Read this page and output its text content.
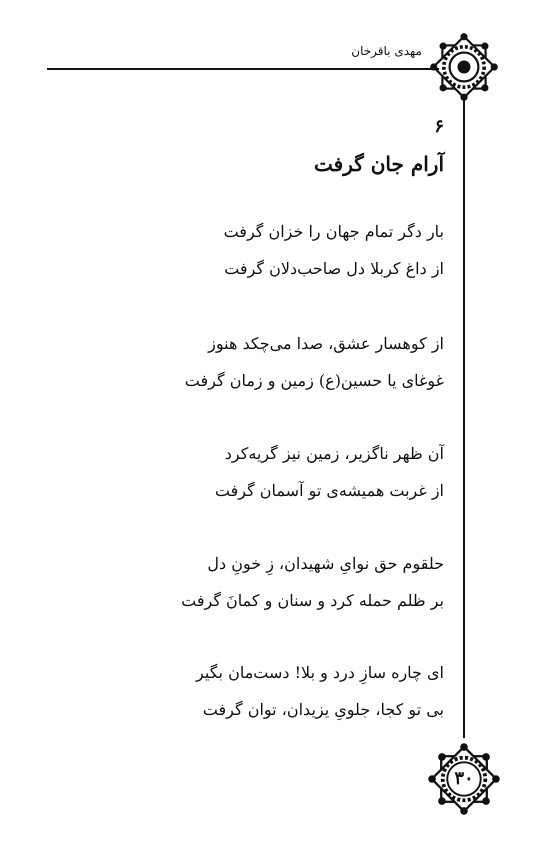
مهدی باقرخان
۶
آرام جان گرفت
بار دگر تمام جهان را خزان گرفت
از داغ کربلا دل صاحب‌دلان گرفت
از کوهسار عشق، صدا می‌چکد هنوز
غوغای یا حسین(ع) زمین و زمان گرفت
آن ظهر ناگزیر، زمین نیز گریه‌کرد
از غربت همیشه‌ی تو آسمان گرفت
حلقوم حق نوایِ شهیدان، زِ خونِ دل
بر ظلم حمله کرد و سنان و کمانَ گرفت
ای چاره سازِ درد و بلا! دست‌مان بگیر
بی تو کجا، جلویِ یزیدان، توان گرفت
۳۰
